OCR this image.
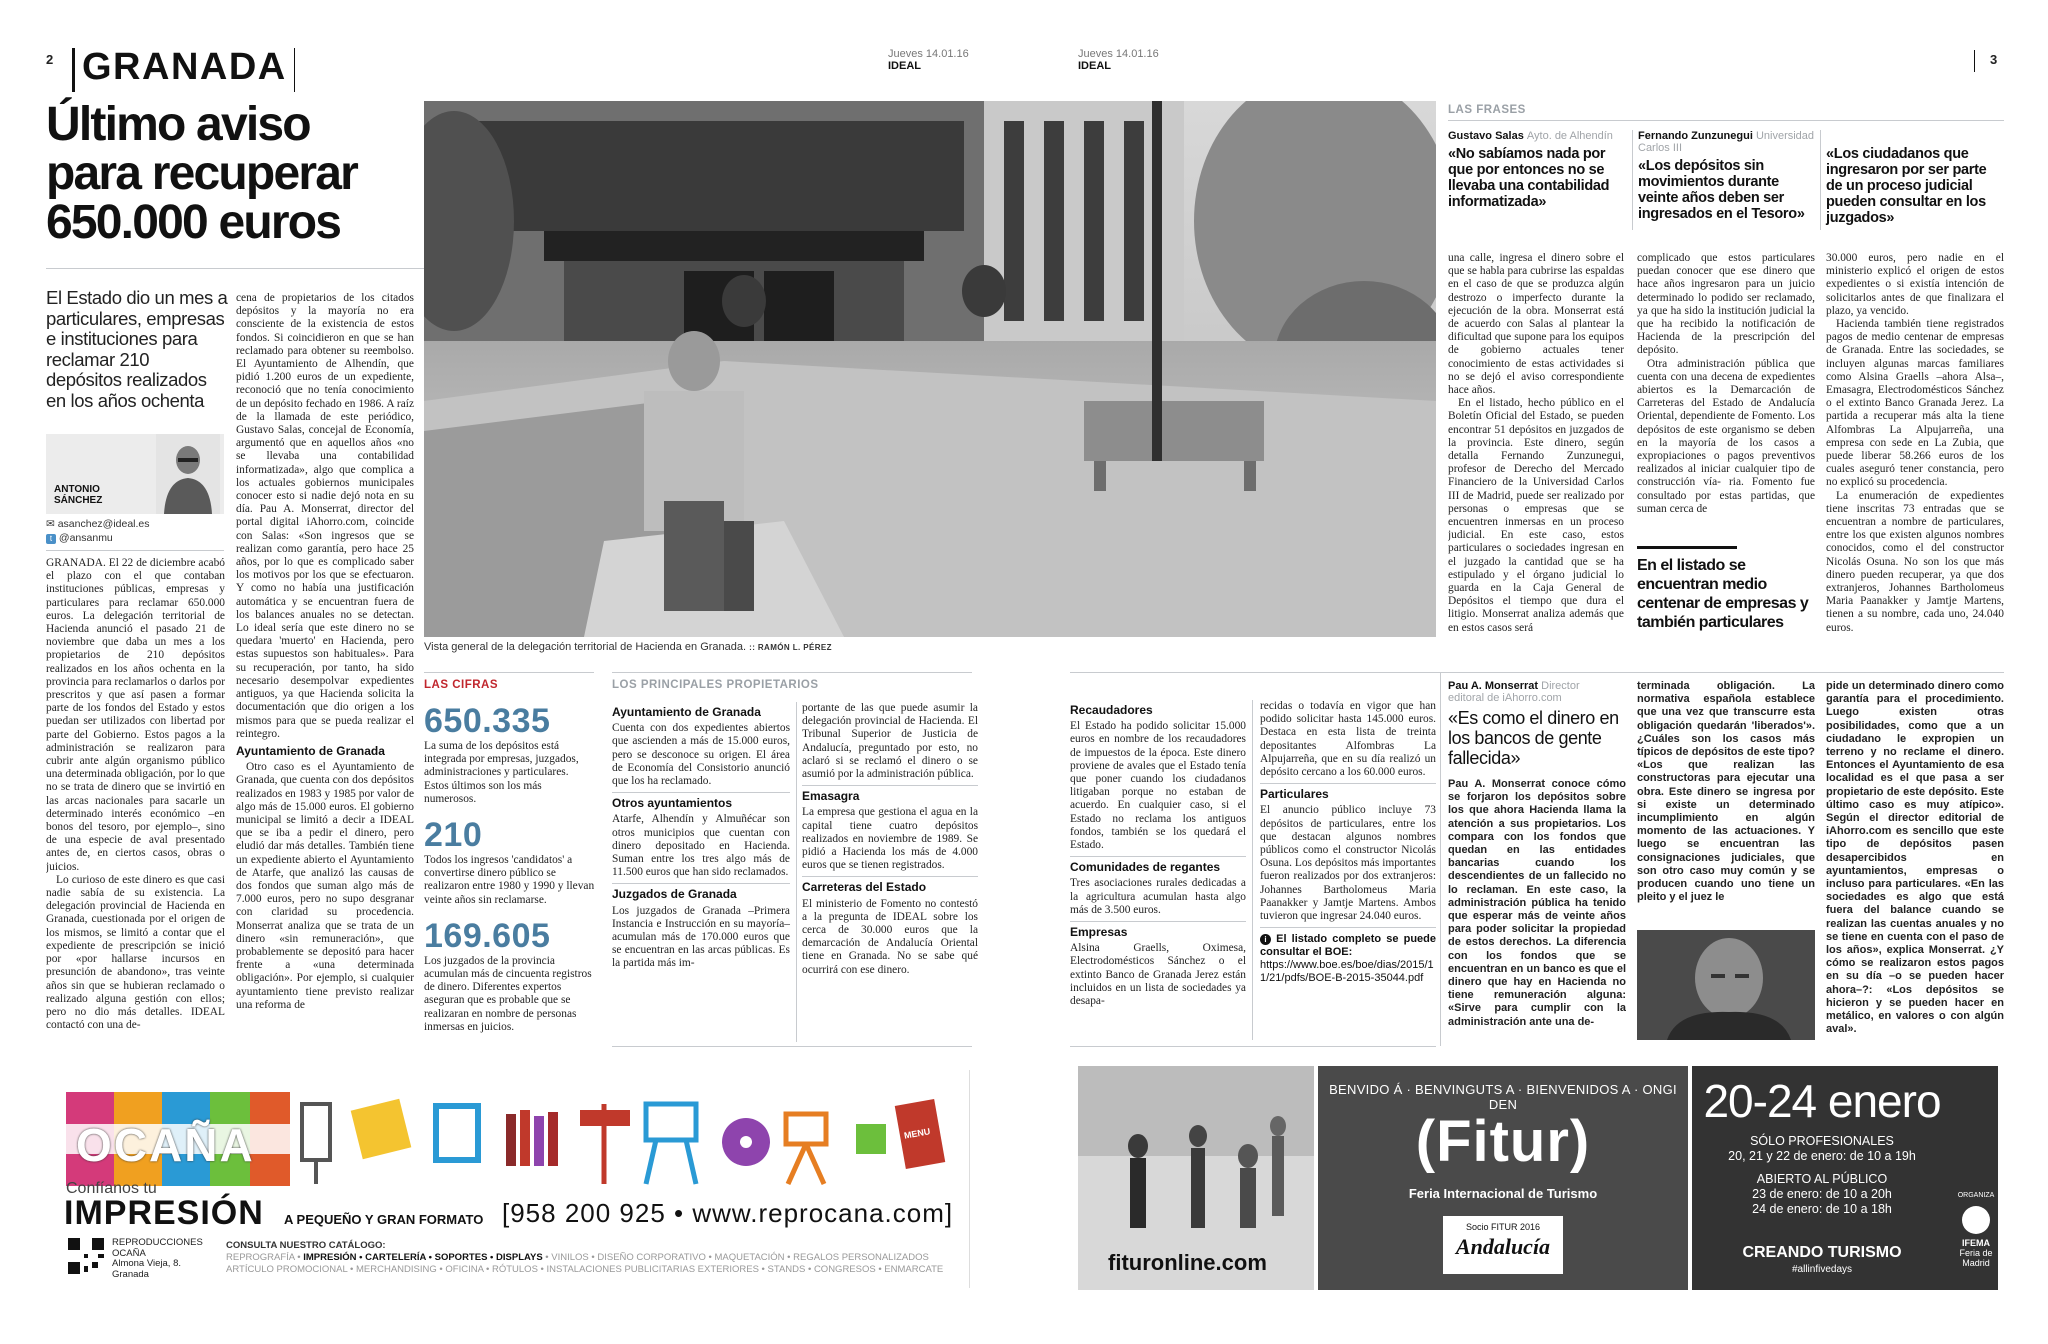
2 GRANADA	Jueves 14.01.16
IDEAL
Último aviso
para recuperar
650.000 euros
El Estado dio un mes a particulares, empresas e instituciones para reclamar 210 depósitos realizados en los años ochenta
ANTONIO
SÁNCHEZ
✉ asanchez@ideal.es
t @ansanmu

GRANADA. El 22 de diciembre acabó el plazo con el que contaban instituciones públicas, empresas y particulares para reclamar 650.000 euros. La delegación territorial de Hacienda anunció el pasado 21 de noviembre que daba un mes a los propietarios de 210 depósitos realizados en los años ochenta en la provincia para reclamarlos o darlos por prescritos y que así pasen a formar parte de los fondos del Estado y estos puedan ser utilizados con libertad por parte del Gobierno. Estos pagos a la administración se realizaron para cubrir ante algún organismo público una determinada obligación, por lo que no se trata de dinero que se invirtió en las arcas nacionales para sacarle un determinado interés económico –en bonos del tesoro, por ejemplo–, sino de una especie de aval presentado antes de, en ciertos casos, obras o juicios.

Lo curioso de este dinero es que casi nadie sabía de su existencia. La delegación provincial de Hacienda en Granada, cuestionada por el origen de los mismos, se limitó a contar que el expediente de prescripción se inició por «por hallarse incursos en presunción de abandono», tras veinte años sin que se hubieran reclamado o realizado alguna gestión con ellos; pero no dio más detalles. IDEAL contactó con una de-

cena de propietarios de los citados depósitos y la mayoría no era consciente de la existencia de estos fondos. Si coincidieron en que se han reclamado para obtener su reembolso. El Ayuntamiento de Alhendín, que pidió 1.200 euros de un expediente, reconoció que no tenía conocimiento de un depósito fechado en 1986. A raíz de la llamada de este periódico, Gustavo Salas, concejal de Economía, argumentó que en aquellos años «no se llevaba una contabilidad informatizada», algo que complica a los actuales gobiernos municipales conocer esto si nadie dejó nota en su día. Pau A. Monserrat, director del portal digital iAhorro.com, coincide con Salas: «Son ingresos que se realizan como garantía, pero hace 25 años, por lo que es complicado saber los motivos por los que se efectuaron. Y como no había una justificación automática y se encuentran fuera de los balances anuales no se detectan. Lo ideal sería que este dinero no se quedara 'muerto' en Hacienda, pero estas supuestos son habituales». Para su recuperación, por tanto, ha sido necesario desempolvar expedientes antiguos, ya que Hacienda solicita la documentación que dio origen a los mismos para que se pueda realizar el reintegro.

Ayuntamiento de Granada

Otro caso es el Ayuntamiento de Granada, que cuenta con dos depósitos realizados en 1983 y 1985 por valor de algo más de 15.000 euros. El gobierno municipal se limitó a decir a IDEAL que se iba a pedir el dinero, pero eludió dar más detalles. También tiene un expediente abierto el Ayuntamiento de Atarfe, que analizó las causas de dos fondos que suman algo más de 7.000 euros, pero no supo desgranar con claridad su procedencia. Monserrat analiza que se trata de un dinero «sin remuneración», que probablemente se depositó para hacer frente a «una determinada obligación». Por ejemplo, si cualquier ayuntamiento tiene previsto realizar una reforma de

Vista general de la delegación territorial de Hacienda en Granada. :: RAMÓN L. PÉREZ
LAS CIFRAS
650.335
La suma de los depósitos está integrada por empresas, juzgados, administraciones y particulares. Estos últimos son los más numerosos.
210
Todos los ingresos 'candidatos' a convertirse dinero público se realizaron entre 1980 y 1990 y llevan veinte años sin reclamarse.
169.605
Los juzgados de la provincia acumulan más de cincuenta registros de dinero. Diferentes expertos aseguran que es probable que se realizaran en nombre de personas inmersas en juicios.
LOS PRINCIPALES PROPIETARIOS
Ayuntamiento de Granada

Cuenta con dos expedientes abiertos que ascienden a más de 15.000 euros, pero se desconoce su origen. El área de Economía del Consistorio anunció que los ha reclamado.

Otros ayuntamientos

Atarfe, Alhendín y Almuñécar son otros municipios que cuentan con dinero depositado en Hacienda. Suman entre los tres algo más de 11.500 euros que han sido reclamados.

Juzgados de Granada

Los juzgados de Granada –Primera Instancia e Instrucción en su mayoría– acumulan más de 170.000 euros que se encuentran en las arcas públicas. Es la partida más im-

portante de las que puede asumir la delegación provincial de Hacienda. El Tribunal Superior de Justicia de Andalucía, preguntado por esto, no aclaró si se reclamó el dinero o se asumió por la administración pública.

Emasagra

La empresa que gestiona el agua en la capital tiene cuatro depósitos realizados en noviembre de 1989. Se pidió a Hacienda los más de 4.000 euros que se tienen registrados.

Carreteras del Estado

El ministerio de Fomento no contestó a la pregunta de IDEAL sobre los cerca de 30.000 euros que la demarcación de Andalucía Oriental tiene en Granada. No se sabe qué ocurrirá con ese dinero.

MENU
OCAÑA
Confíanos tu
IMPRESIÓN A PEQUEÑO Y GRAN FORMATO [958 200 925 • www.reprocana.com]
REPRODUCCIONES
OCAÑA
Almona Vieja, 8.
Granada
CONSULTA NUESTRO CATÁLOGO:
REPROGRAFÍA • IMPRESIÓN • CARTELERÍA • SOPORTES • DISPLAYS • VINILOS • DISEÑO CORPORATIVO • MAQUETACIÓN • REGALOS PERSONALIZADOS
ARTÍCULO PROMOCIONAL • MERCHANDISING • OFICINA • RÓTULOS • INSTALACIONES PUBLICITARIAS EXTERIORES • STANDS • CONGRESOS • ENMARCATE
Jueves 14.01.16
IDEAL	3
LAS FRASES
Gustavo Salas Ayto. de Alhendín
«No sabíamos nada por que por entonces no se llevaba una contabilidad informatizada»
Fernando Zunzunegui Universidad Carlos III
«Los depósitos sin movimientos durante veinte años deben ser ingresados en el Tesoro»
«Los ciudadanos que ingresaron por ser parte de un proceso judicial pueden consultar en los juzgados»

una calle, ingresa el dinero sobre el que se habla para cubrirse las espaldas en el caso de que se produzca algún destrozo o imperfecto durante la ejecución de la obra. Monserrat está de acuerdo con Salas al plantear la dificultad que supone para los equipos de gobierno actuales tener conocimiento de estas actividades si no se dejó el aviso correspondiente hace años.

En el listado, hecho público en el Boletín Oficial del Estado, se pueden encontrar 51 depósitos en juzgados de la provincia. Este dinero, según detalla Fernando Zunzunegui, profesor de Derecho del Mercado Financiero de la Universidad Carlos III de Madrid, puede ser realizado por personas o empresas que se encuentren inmersas en un proceso judicial. En este caso, estos particulares o sociedades ingresan en el juzgado la cantidad que se ha estipulado y el órgano judicial lo guarda en la Caja General de Depósitos el tiempo que dura el litigio. Monserrat analiza además que en estos casos será

complicado que estos particulares puedan conocer que ese dinero que hace años ingresaron para un juicio determinado lo podido ser reclamado, ya que ha sido la institución judicial la que ha recibido la notificación de Hacienda de la prescripción del depósito.

Otra administración pública que cuenta con una decena de expedientes abiertos es la Demarcación de Carreteras del Estado de Andalucía Oriental, dependiente de Fomento. Los depósitos de este organismo se deben en la mayoría de los casos a expropiaciones o pagos preventivos realizados al iniciar cualquier tipo de construcción vía- ria. Fomento fue consultado por estas partidas, que suman cerca de

En el listado se encuentran medio centenar de empresas y también particulares

30.000 euros, pero nadie en el ministerio explicó el origen de estos expedientes o si existía intención de solicitarlos antes de que finalizara el plazo, ya vencido.

Hacienda también tiene registrados pagos de medio centenar de empresas de Granada. Entre las sociedades, se incluyen algunas marcas familiares como Alsina Graells –ahora Alsa–, Emasagra, Electrodomésticos Sánchez o el extinto Banco Granada Jerez. La partida a recuperar más alta la tiene Alfombras La Alpujarreña, una empresa con sede en La Zubia, que puede liberar 58.266 euros de los cuales aseguró tener constancia, pero no explicó su procedencia.

La enumeración de expedientes tiene inscritas 73 entradas que se encuentran a nombre de particulares, entre los que existen algunos nombres conocidos, como el del constructor Nicolás Osuna. No son los que más dinero pueden recuperar, ya que dos extranjeros, Johannes Bartholomeus Maria Paanakker y Jamtje Martens, tienen a su nombre, cada uno, 24.040 euros.

Recaudadores

El Estado ha podido solicitar 15.000 euros en nombre de los recaudadores de impuestos de la época. Este dinero proviene de avales que el Estado tenía que poner cuando los ciudadanos litigaban porque no estaban de acuerdo. En cualquier caso, si el Estado no reclama los antiguos fondos, también se los quedará el Estado.

Comunidades de regantes

Tres asociaciones rurales dedicadas a la agricultura acumulan hasta algo más de 3.500 euros.

Empresas

Alsina Graells, Oximesa, Electrodomésticos Sánchez o el extinto Banco de Granada Jerez están incluidos en un lista de sociedades ya desapa-

recidas o todavía en vigor que han podido solicitar hasta 145.000 euros. Destaca en esta lista de treinta depositantes Alfombras La Alpujarreña, que en su día realizó un depósito cercano a los 60.000 euros.

Particulares

El anuncio público incluye 73 depósitos de particulares, entre los que destacan algunos nombres públicos como el constructor Nicolás Osuna. Los depósitos más importantes fueron realizados por dos extranjeros: Johannes Bartholomeus Maria Paanakker y Jamtje Martens. Ambos tuvieron que ingresar 24.040 euros.

i El listado completo se puede consultar el BOE:
https://www.boe.es/boe/dias/2015/11/21/pdfs/BOE-B-2015-35044.pdf
Pau A. Monserrat Director
editoral de iAhorro.com
«Es como el dinero en los bancos de gente fallecida»
Pau A. Monserrat conoce cómo se forjaron los depósitos sobre los que ahora Hacienda llama la atención a sus propietarios. Los compara con los fondos que quedan en las entidades bancarias cuando los descendientes de un fallecido no lo reclaman. En este caso, la administración pública ha tenido que esperar más de veinte años para poder solicitar la propiedad de estos derechos. La diferencia con los fondos que se encuentran en un banco es que el dinero que hay en Hacienda no tiene remuneración alguna: «Sirve para cumplir con la administración ante una de-
terminada obligación. La normativa española establece que una vez que transcurre esta obligación quedarán 'liberados'». ¿Cuáles son los casos más típicos de depósitos de este tipo? «Los que realizan las constructoras para ejecutar una obra. Este dinero se ingresa por si existe un determinado incumplimiento en algún momento de las actuaciones. Y luego se encuentran las consignaciones judiciales, que son otro caso muy común y se producen cuando uno tiene un pleito y el juez le
pide un determinado dinero como garantía para el procedimiento. Luego existen otras posibilidades, como que a un ciudadano le expropien un terreno y no reclame el dinero. Entonces el Ayuntamiento de esa localidad es el que pasa a ser propietario de este depósito. Este último caso es muy atípico». Según el director editorial de iAhorro.com es sencillo que este tipo de depósitos pasen desapercibidos en ayuntamientos, empresas o incluso para particulares. «En las sociedades es algo que está fuera del balance cuando se realizan las cuentas anuales y no se tiene en cuenta con el paso de los años», explica Monserrat. ¿Y cómo se realizaron estos pagos en su día –o se pueden hacer ahora–?: «Los depósitos se hicieron y se pueden hacer en metálico, en valores o con algún aval».
fituronline.com
BENVIDO Á · BENVINGUTS A · BIENVENIDOS A · ONGI DEN
(Fitur)
Feria Internacional de Turismo
Socio FITUR 2016
Andalucía
20-24 enero
SÓLO PROFESIONALES
20, 21 y 22 de enero: de 10 a 19h
ABIERTO AL PÚBLICO
23 de enero: de 10 a 20h
24 de enero: de 10 a 18h
CREANDO TURISMO
#allinfivedays
ORGANIZA
IFEMA
Feria de
Madrid
